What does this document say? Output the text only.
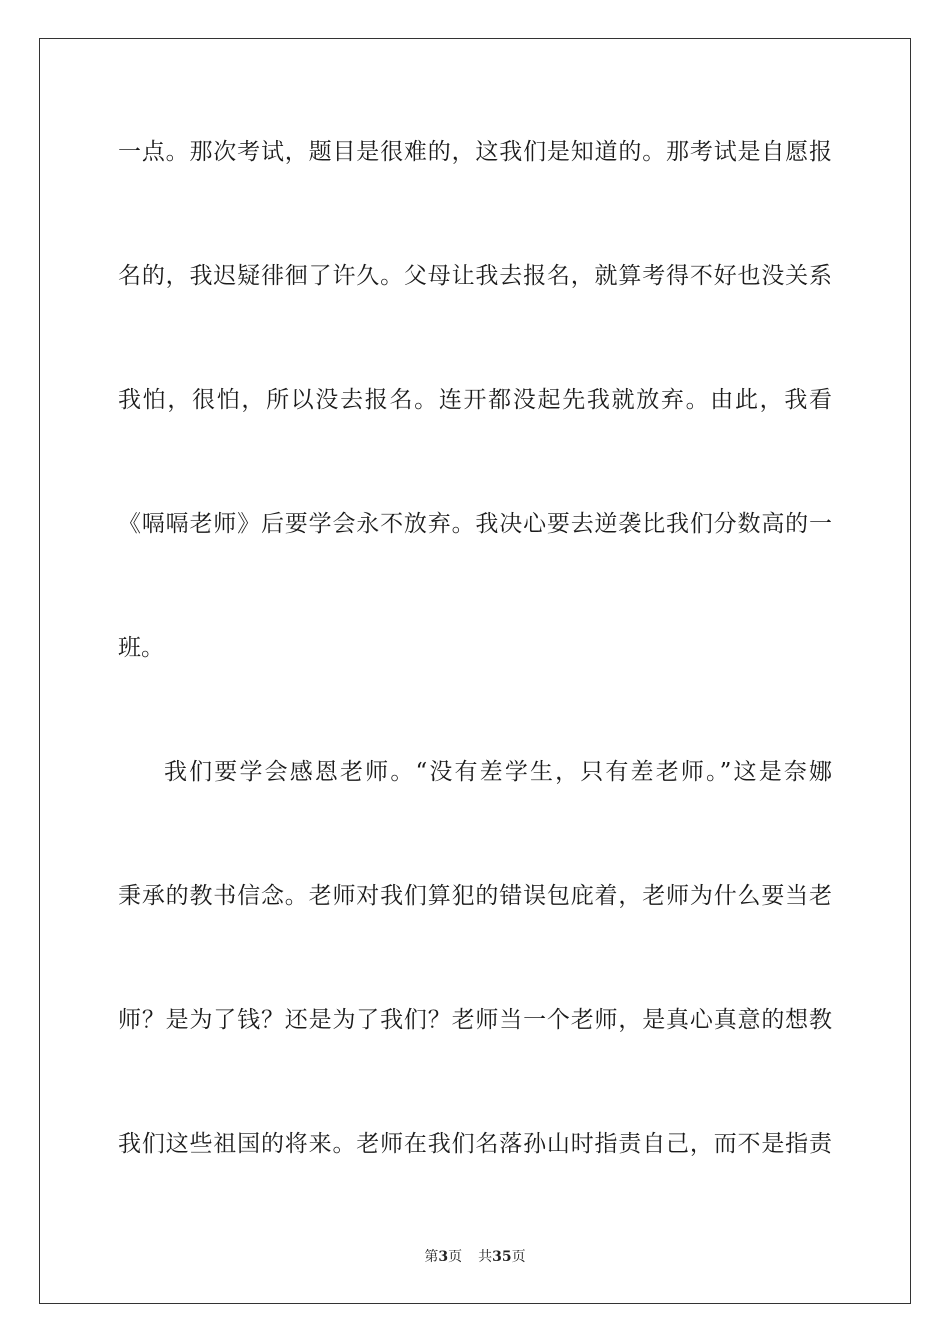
一点。那次考试，题目是很难的，这我们是知道的。那考试是自愿报
名的，我迟疑徘徊了许久。父母让我去报名，就算考得不好也没关系
我怕，很怕，所以没去报名。连开都没起先我就放弃。由此，我看
《嗝嗝老师》后要学会永不放弃。我决心要去逆袭比我们分数高的一
班。
我们要学会感恩老师。“没有差学生，只有差老师。”这是奈娜
秉承的教书信念。老师对我们算犯的错误包庇着，老师为什么要当老
师？是为了钱？还是为了我们？老师当一个老师，是真心真意的想教
我们这些祖国的将来。老师在我们名落孙山时指责自己，而不是指责
第3页 共35页
